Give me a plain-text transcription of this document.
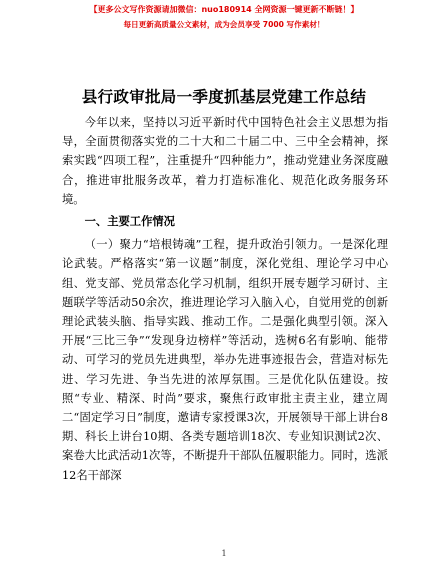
【更多公文写作资源请加微信：nuo180914 全网资源一键更新不断链！】
每日更新高质量公文素材，成为会员享受 7000 写作素材！
县行政审批局一季度抓基层党建工作总结

今年以来，坚持以习近平新时代中国特色社会主义思想为指导，全面贯彻落实党的二十大和二十届二中、三中全会精神，探索实践“四项工程”，注重提升“四种能力”，推动党建业务深度融合，推进审批服务改革，着力打造标准化、规范化政务服务环境。

一、主要工作情况

（一）聚力“培根铸魂”工程，提升政治引领力。一是深化理论武装。严格落实“第一议题”制度，深化党组、理论学习中心组、党支部、党员常态化学习机制，组织开展专题学习研讨、主题联学等活动50余次，推进理论学习入脑入心，自觉用党的创新理论武装头脑、指导实践、推动工作。二是强化典型引领。深入开展“三比三争”“发现身边榜样”等活动，选树6名有影响、能带动、可学习的党员先进典型，举办先进事迹报告会，营造对标先进、学习先进、争当先进的浓厚氛围。三是优化队伍建设。按照“专业、精深、时尚”要求，聚焦行政审批主责主业，建立周二“固定学习日”制度，邀请专家授课3次，开展领导干部上讲台8期、科长上讲台10期、各类专题培训18次、专业知识测试2次、案卷大比武活动1次等，不断提升干部队伍履职能力。同时，选派12名干部深

1
